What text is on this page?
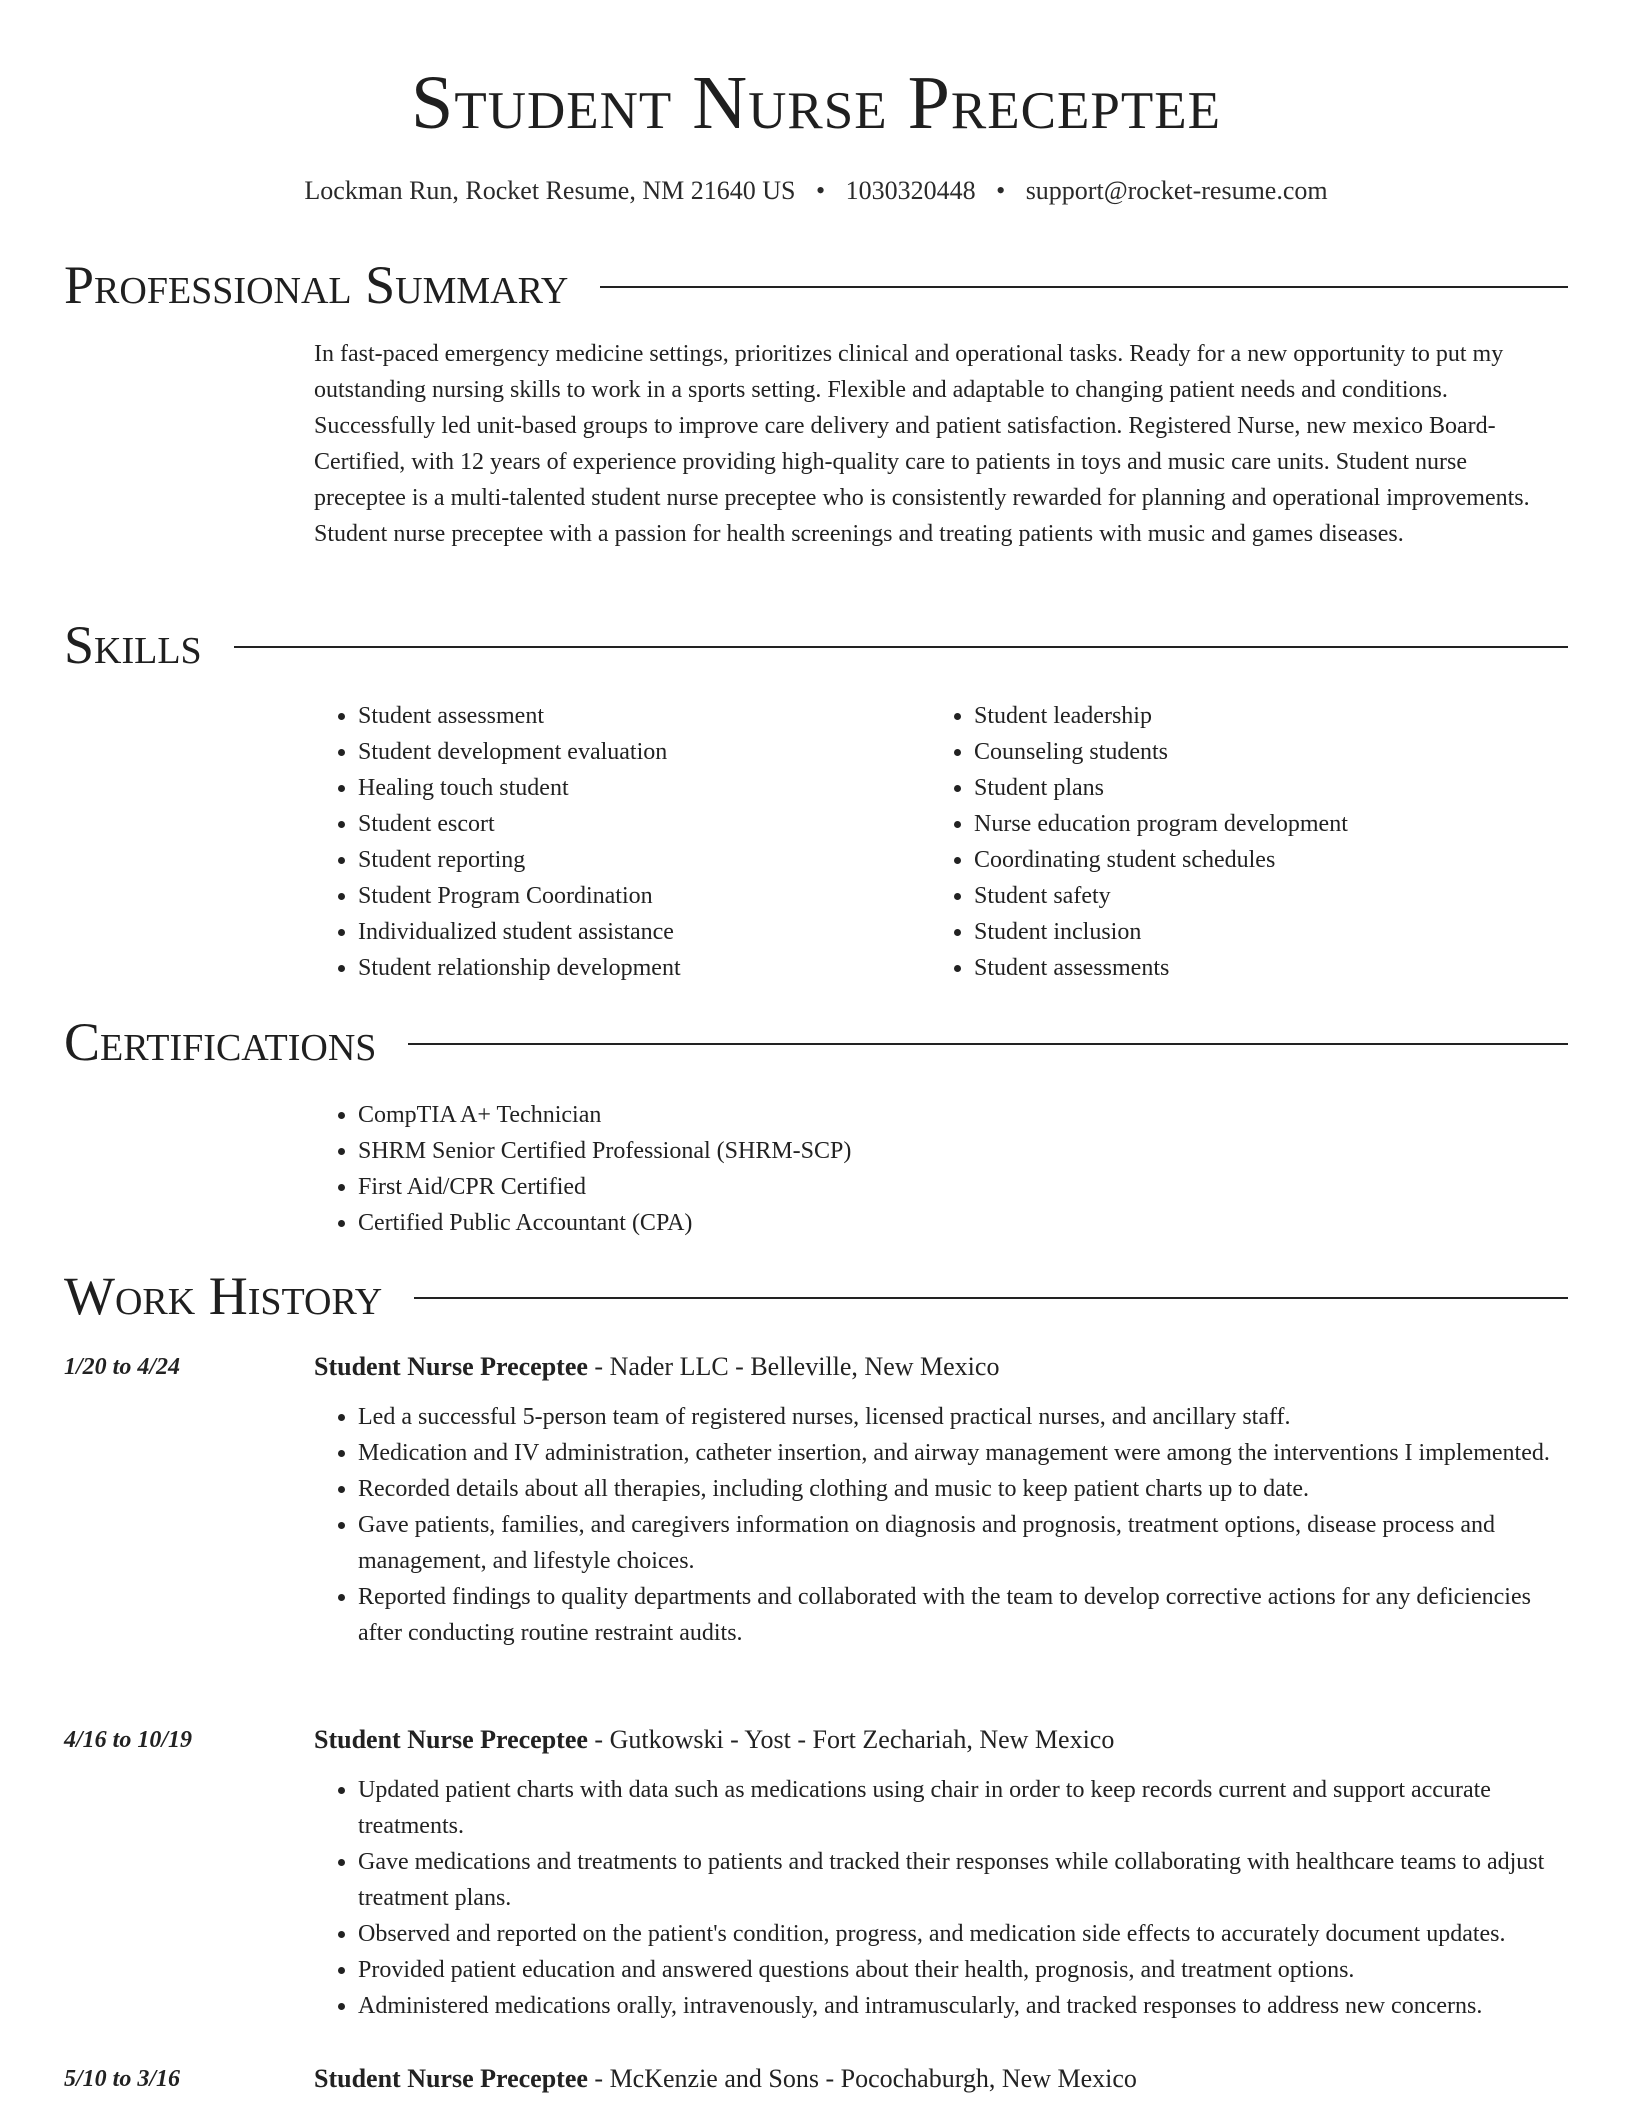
Student Nurse Preceptee
Lockman Run, Rocket Resume, NM 21640 US • 1030320448 • support@rocket-resume.com
Professional Summary

In fast-paced emergency medicine settings, prioritizes clinical and operational tasks. Ready for a new opportunity to put my outstanding nursing skills to work in a sports setting. Flexible and adaptable to changing patient needs and conditions. Successfully led unit-based groups to improve care delivery and patient satisfaction. Registered Nurse, new mexico Board-Certified, with 12 years of experience providing high-quality care to patients in toys and music care units. Student nurse preceptee is a multi-talented student nurse preceptee who is consistently rewarded for planning and operational improvements. Student nurse preceptee with a passion for health screenings and treating patients with music and games diseases.

Skills
• Student assessment
• Student development evaluation
• Healing touch student
• Student escort
• Student reporting
• Student Program Coordination
• Individualized student assistance
• Student relationship development
• Student leadership
• Counseling students
• Student plans
• Nurse education program development
• Coordinating student schedules
• Student safety
• Student inclusion
• Student assessments
Certifications
• CompTIA A+ Technician
• SHRM Senior Certified Professional (SHRM-SCP)
• First Aid/CPR Certified
• Certified Public Accountant (CPA)
Work History
1/20 to 4/24	Student Nurse Preceptee - Nader LLC - Belleville, New Mexico
• Led a successful 5-person team of registered nurses, licensed practical nurses, and ancillary staff.
• Medication and IV administration, catheter insertion, and airway management were among the interventions I implemented.
• Recorded details about all therapies, including clothing and music to keep patient charts up to date.
• Gave patients, families, and caregivers information on diagnosis and prognosis, treatment options, disease process and management, and lifestyle choices.
• Reported findings to quality departments and collaborated with the team to develop corrective actions for any deficiencies after conducting routine restraint audits.
4/16 to 10/19	Student Nurse Preceptee - Gutkowski - Yost - Fort Zechariah, New Mexico
• Updated patient charts with data such as medications using chair in order to keep records current and support accurate treatments.
• Gave medications and treatments to patients and tracked their responses while collaborating with healthcare teams to adjust treatment plans.
• Observed and reported on the patient's condition, progress, and medication side effects to accurately document updates.
• Provided patient education and answered questions about their health, prognosis, and treatment options.
• Administered medications orally, intravenously, and intramuscularly, and tracked responses to address new concerns.
5/10 to 3/16	Student Nurse Preceptee - McKenzie and Sons - Pocochaburgh, New Mexico
